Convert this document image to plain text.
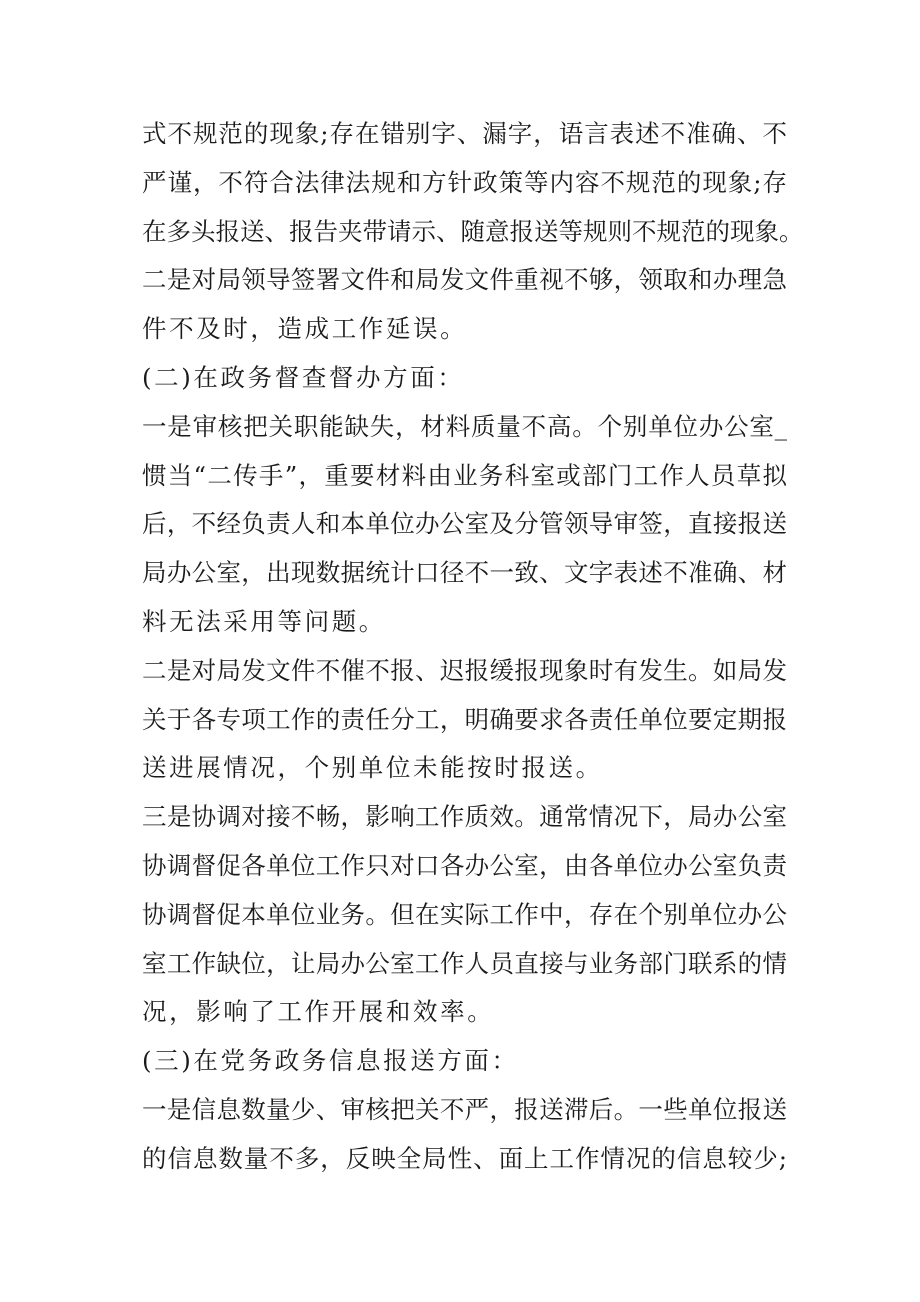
式不规范的现象;存在错别字、漏字，语言表述不准确、不
严谨，不符合法律法规和方针政策等内容不规范的现象;存
在多头报送、报告夹带请示、随意报送等规则不规范的现象。
二是对局领导签署文件和局发文件重视不够，领取和办理急
件不及时，造成工作延误。
(二)在政务督查督办方面：
一是审核把关职能缺失，材料质量不高。个别单位办公室_
惯当“二传手”，重要材料由业务科室或部门工作人员草拟
后，不经负责人和本单位办公室及分管领导审签，直接报送
局办公室，出现数据统计口径不一致、文字表述不准确、材
料无法采用等问题。
二是对局发文件不催不报、迟报缓报现象时有发生。如局发
关于各专项工作的责任分工，明确要求各责任单位要定期报
送进展情况，个别单位未能按时报送。
三是协调对接不畅，影响工作质效。通常情况下，局办公室
协调督促各单位工作只对口各办公室，由各单位办公室负责
协调督促本单位业务。但在实际工作中，存在个别单位办公
室工作缺位，让局办公室工作人员直接与业务部门联系的情
况，影响了工作开展和效率。
(三)在党务政务信息报送方面：
一是信息数量少、审核把关不严，报送滞后。一些单位报送
的信息数量不多，反映全局性、面上工作情况的信息较少;
